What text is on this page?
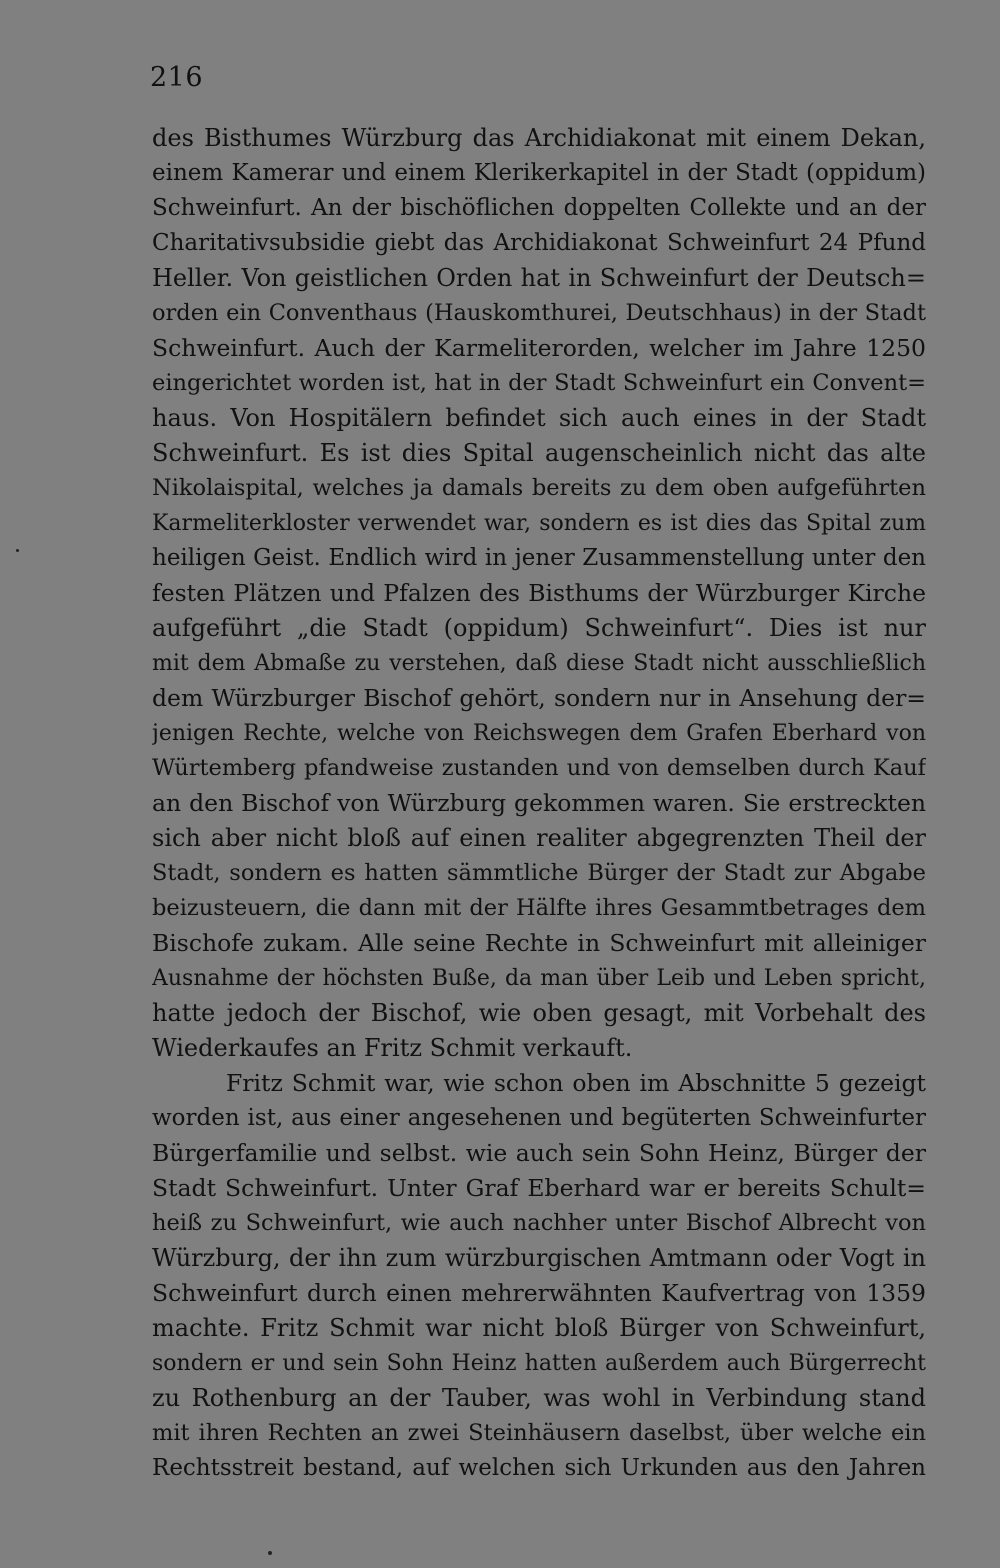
216
des Bisthumes Würzburg das Archidiakonat mit einem Dekan,
einem Kamerar und einem Klerikerkapitel in der Stadt (oppidum)
Schweinfurt. An der bischöflichen doppelten Collekte und an der
Charitativsubsidie giebt das Archidiakonat Schweinfurt 24 Pfund
Heller. Von geistlichen Orden hat in Schweinfurt der Deutsch=
orden ein Conventhaus (Hauskomthurei, Deutschhaus) in der Stadt
Schweinfurt. Auch der Karmeliterorden, welcher im Jahre 1250
eingerichtet worden ist, hat in der Stadt Schweinfurt ein Convent=
haus. Von Hospitälern befindet sich auch eines in der Stadt
Schweinfurt. Es ist dies Spital augenscheinlich nicht das alte
Nikolaispital, welches ja damals bereits zu dem oben aufgeführten
Karmeliterkloster verwendet war, sondern es ist dies das Spital zum
heiligen Geist. Endlich wird in jener Zusammenstellung unter den
festen Plätzen und Pfalzen des Bisthums der Würzburger Kirche
aufgeführt „die Stadt (oppidum) Schweinfurt“. Dies ist nur
mit dem Abmaße zu verstehen, daß diese Stadt nicht ausschließlich
dem Würzburger Bischof gehört, sondern nur in Ansehung der=
jenigen Rechte, welche von Reichswegen dem Grafen Eberhard von
Würtemberg pfandweise zustanden und von demselben durch Kauf
an den Bischof von Würzburg gekommen waren. Sie erstreckten
sich aber nicht bloß auf einen realiter abgegrenzten Theil der
Stadt, sondern es hatten sämmtliche Bürger der Stadt zur Abgabe
beizusteuern, die dann mit der Hälfte ihres Gesammtbetrages dem
Bischofe zukam. Alle seine Rechte in Schweinfurt mit alleiniger
Ausnahme der höchsten Buße, da man über Leib und Leben spricht,
hatte jedoch der Bischof, wie oben gesagt, mit Vorbehalt des
Wiederkaufes an Fritz Schmit verkauft.
Fritz Schmit war, wie schon oben im Abschnitte 5 gezeigt
worden ist, aus einer angesehenen und begüterten Schweinfurter
Bürgerfamilie und selbst. wie auch sein Sohn Heinz, Bürger der
Stadt Schweinfurt. Unter Graf Eberhard war er bereits Schult=
heiß zu Schweinfurt, wie auch nachher unter Bischof Albrecht von
Würzburg, der ihn zum würzburgischen Amtmann oder Vogt in
Schweinfurt durch einen mehrerwähnten Kaufvertrag von 1359
machte. Fritz Schmit war nicht bloß Bürger von Schweinfurt,
sondern er und sein Sohn Heinz hatten außerdem auch Bürgerrecht
zu Rothenburg an der Tauber, was wohl in Verbindung stand
mit ihren Rechten an zwei Steinhäusern daselbst, über welche ein
Rechtsstreit bestand, auf welchen sich Urkunden aus den Jahren
